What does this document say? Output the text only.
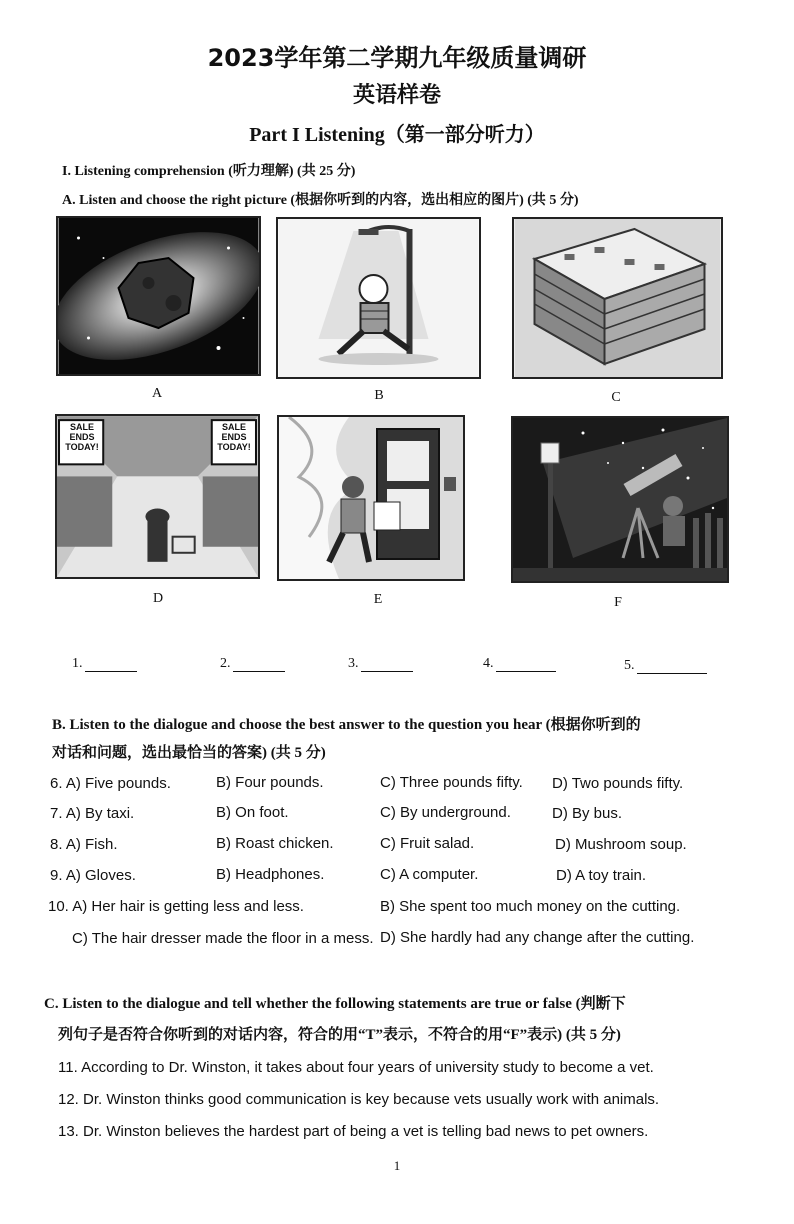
2023学年第二学期九年级质量调研
英语样卷
Part I Listening（第一部分听力）
I. Listening comprehension (听力理解) (共 25 分)
A. Listen and choose the right picture (根据你听到的内容，选出相应的图片) (共 5 分)
A	B	C
SALE
ENDS
TODAY!
SALE
ENDS
TODAY!
D	E	F
1.	2.	3.	4.	5.
B. Listen to the dialogue and choose the best answer to the question you hear (根据你听到的
对话和问题，选出最恰当的答案) (共 5 分)
6. A) Five pounds.	B) Four pounds.	C) Three pounds fifty. D) Two pounds fifty.
7. A) By taxi.	B) On foot.	C) By underground.	D) By bus.
8. A) Fish.	B) Roast chicken.	C) Fruit salad.	D) Mushroom soup.
9. A) Gloves.	B) Headphones.	C) A computer.	D) A toy train.
10. A) Her hair is getting less and less.	B) She spent too much money on the cutting.
C) The hair dresser made the floor in a mess. D) She hardly had any change after the cutting.
C. Listen to the dialogue and tell whether the following statements are true or false (判断下
列句子是否符合你听到的对话内容，符合的用“T”表示，不符合的用“F”表示) (共 5 分)
11. According to Dr. Winston, it takes about four years of university study to become a vet.
12. Dr. Winston thinks good communication is key because vets usually work with animals.
13. Dr. Winston believes the hardest part of being a vet is telling bad news to pet owners.
1
